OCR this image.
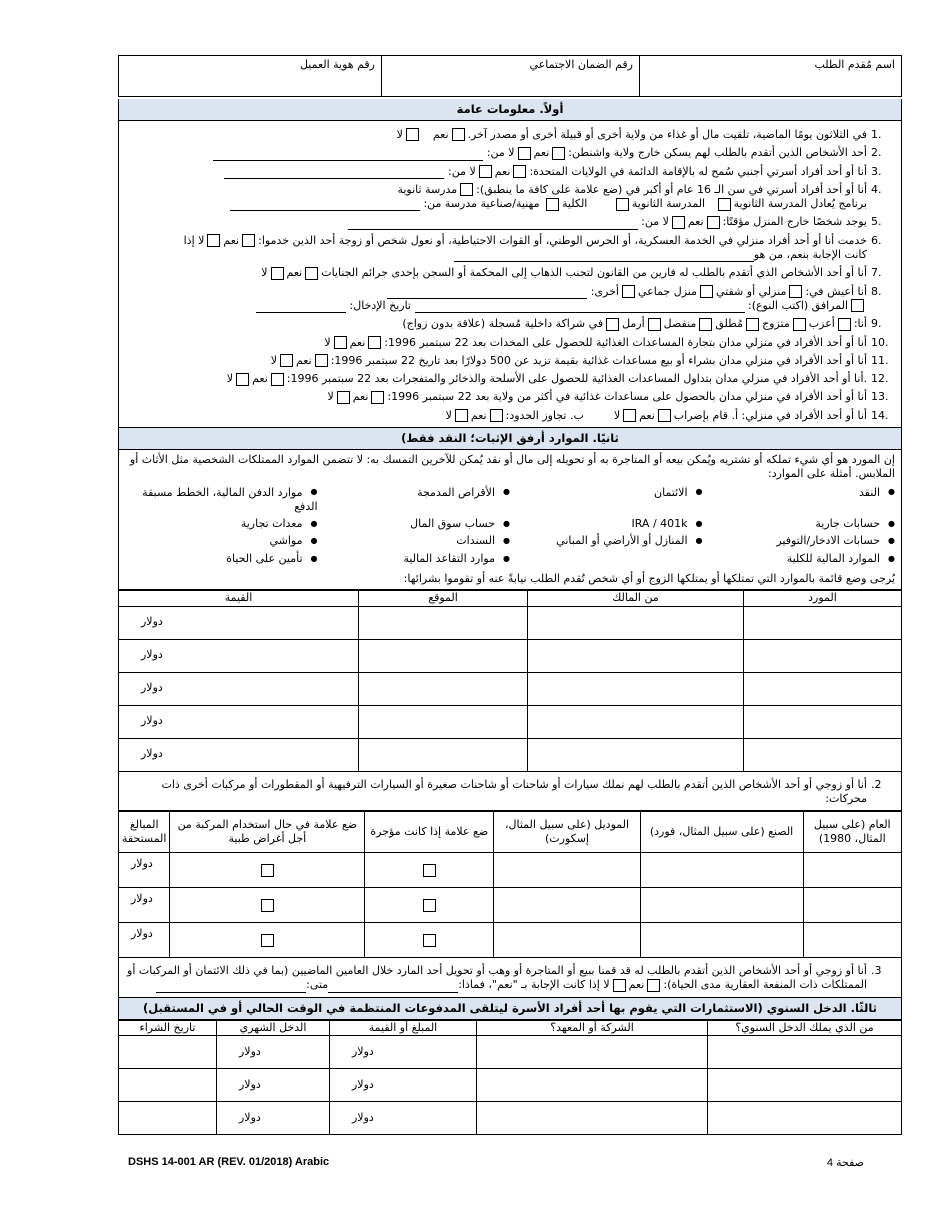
اسم مُقدم الطلب
رقم الضمان الاجتماعي
رقم هوية العميل
أولاً. معلومات عامة
.1
في الثلاثون يومًا الماضية، تلقيت مال أو غذاء من ولاية أخرى أو قبيلة أخرى أو مصدر آخر.نعملا
.2
أحد الأشخاص الذين أتقدم بالطلب لهم يسكن خارج ولاية واشنطن:نعملا من:
.3
أنا أو أحد أفراد أسرتي أجنبي سُمح له بالإقامة الدائمة في الولايات المتحدة:نعملا من:
.4
أنا أو أحد أفراد أسرتي في سن الـ 16 عام أو أكبر في (ضع علامة على كافة ما ينطبق):مدرسة ثانوية
برنامج يُعادل المدرسة الثانوية المدرسة الثانوية الكلية مهنية/صناعية مدرسة من:
.5
يوجد شخصًا خارج المنزل مؤقتًا:نعملا من:
.6
خدمت أنا أو أحد أفراد منزلي في الخدمة العسكرية، أو الحرس الوطني، أو القوات الاحتياطية، أو نعول شخص أو زوجة أحد الذين خدموا:نعملا إذا
كانت الإجابة بنعم، من هو
.7
أنا أو أحد الأشخاص الذي أتقدم بالطلب له فارين من القانون لتجنب الذهاب إلى المحكمة أو السجن بإحدى جرائم الجناياتنعملا
.8
أنا أعيش في:منزلي أو شقتيمنزل جماعيأخرى:
المرافق (اكتب النوع):  تاريخ الإدخال:
.9
أنا:أعزبمتزوجمُطلقمنفصلأرملفي شراكة داخلية مُسجلة (علاقة بدون زواج)
.10
أنا أو أحد الأفراد في منزلي مدان بتجارة المساعدات الغذائية للحصول على المخدات بعد 22 سبتمبر 1996:نعملا
.11
أنا أو أحد الأفراد في منزلي مدان بشراء أو بيع مساعدات غذائية بقيمة تزيد عن 500 دولارًا بعد تاريخ 22 سبتمبر 1996:نعملا
.12
.أنا أو أحد الأفراد في منزلي مدان بتداول المساعدات الغذائية للحصول على الأسلحة والذخائر والمتفجرات بعد 22 سبتمبر 1996:نعملا
.13
أنا أو أحد الأفراد في منزلي مدان بالحصول على مساعدات غذائية في أكثر من ولاية بعد 22 سبتمبر 1996:نعملا
.14
أنا أو أحد الأفراد في منزلي: أ. قام بإضرابنعملاب. تجاوز الحدود:نعملا
ثانيًا. الموارد أرفق الإثبات؛ النقد فقط)
إن المورد هو أي شيء تملكه أو تشتريه ويُمكن بيعه أو المتاجرة به أو تحويله إلى مال أو نقد يُمكن للآخرين التمسك به: لا تتضمن الموارد الممتلكات الشخصية مثل الأثاث أو الملابس. أمثلة على الموارد:
● النقد
● الائتمان
● الأقراص المدمجة
● موارد الدفن المالية، الخطط مسبقة الدفع
● حسابات جارية
● IRA / 401k
● حساب سوق المال
● معدات تجارية
● حسابات الادخار/التوفير
● المنازل أو الأراضي أو المباني
● السندات
● مواشي
● الموارد المالية للكلية
● موارد التقاعد المالية
● تأمين على الحياة
يُرجى وضع قائمة بالموارد التي تمتلكها أو يمتلكها الزوج أو أي شخص تُقدم الطلب نيابةً عنه أو تقوموا بشرائها:
المورد	من المالك	الموقع	القيمة
			دولار
			دولار
			دولار
			دولار
			دولار
2.
أنا أو زوجي أو أحد الأشخاص الذين أتقدم بالطلب لهم نملك سيارات أو شاحنات أو شاحنات صغيرة أو السيارات الترفيهية أو المقطورات أو مركبات أخرى ذات محركات:
العام (على سبيل المثال، 1980)	الصنع (على سبيل المثال، فورد)	الموديل (على سبيل المثال، إسكورت)	ضع علامة إذا كانت مؤجرة	ضع علامة في حال استخدام المركبة من أجل أغراض طبية	المبالغ المستحقة
					دولار
					دولار
					دولار
3.
أنا أو زوجي أو أحد الأشخاص الذين أتقدم بالطلب له قد قمنا ببيع أو المتاجرة أو وهب أو تحويل أحد المارد خلال العامين الماضيين (بما في ذلك الائتمان أو المركبات أو الممتلكات ذات المنفعة العقارية مدى الحياة):نعملا إذا كانت الإجابة بـ "نعم"، فماذا:متى:
ثالثًا. الدخل السنوي (الاستثمارات التي يقوم بها أحد أفراد الأسرة ليتلقى المدفوعات المنتظمة في الوقت الحالي أو في المستقبل)
من الذي يملك الدخل السنوي؟	الشركة أو المعهد؟	المبلغ أو القيمة	الدخل الشهري	تاريخ الشراء
		دولار	دولار	
		دولار	دولار	
		دولار	دولار	
DSHS 14-001 AR (REV. 01/2018) Arabic	صفحة 4
